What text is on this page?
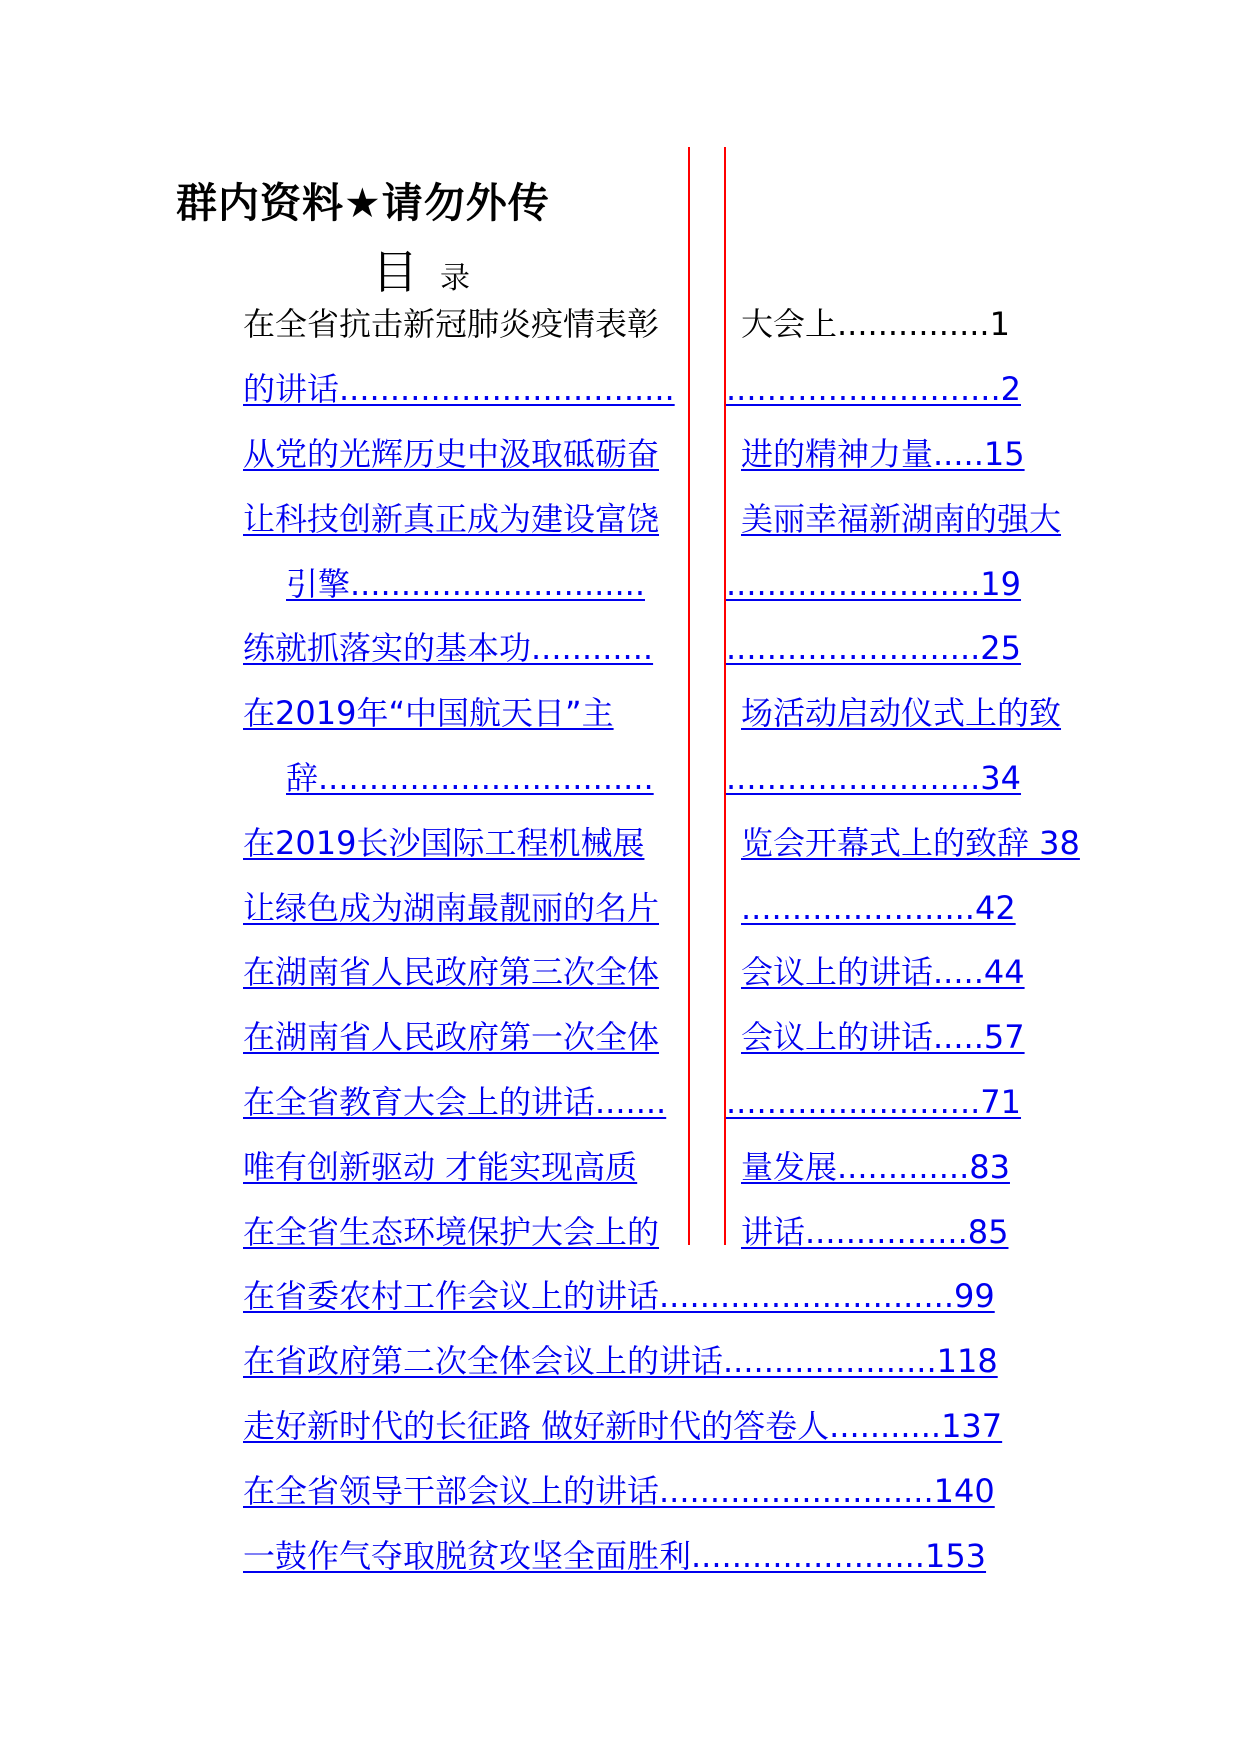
群内资料★请勿外传
目录
在全省抗击新冠肺炎疫情表彰	大会上...............1
的讲话.................................	...........................2
从党的光辉历史中汲取砥砺奋	进的精神力量.....15
让科技创新真正成为建设富饶	美丽幸福新湖南的强大
引擎.............................	.........................19
练就抓落实的基本功............	.........................25
在2019年“中国航天日”主	场活动启动仪式上的致
辞.................................	.........................34
在2019长沙国际工程机械展	览会开幕式上的致辞 38
让绿色成为湖南最靓丽的名片	.......................42
在湖南省人民政府第三次全体	会议上的讲话.....44
在湖南省人民政府第一次全体	会议上的讲话.....57
在全省教育大会上的讲话.......	.........................71
唯有创新驱动 才能实现高质	量发展.............83
在全省生态环境保护大会上的	讲话................85
在省委农村工作会议上的讲话.............................99
在省政府第二次全体会议上的讲话.....................118
走好新时代的长征路 做好新时代的答卷人...........137
在全省领导干部会议上的讲话...........................140
一鼓作气夺取脱贫攻坚全面胜利.......................153
